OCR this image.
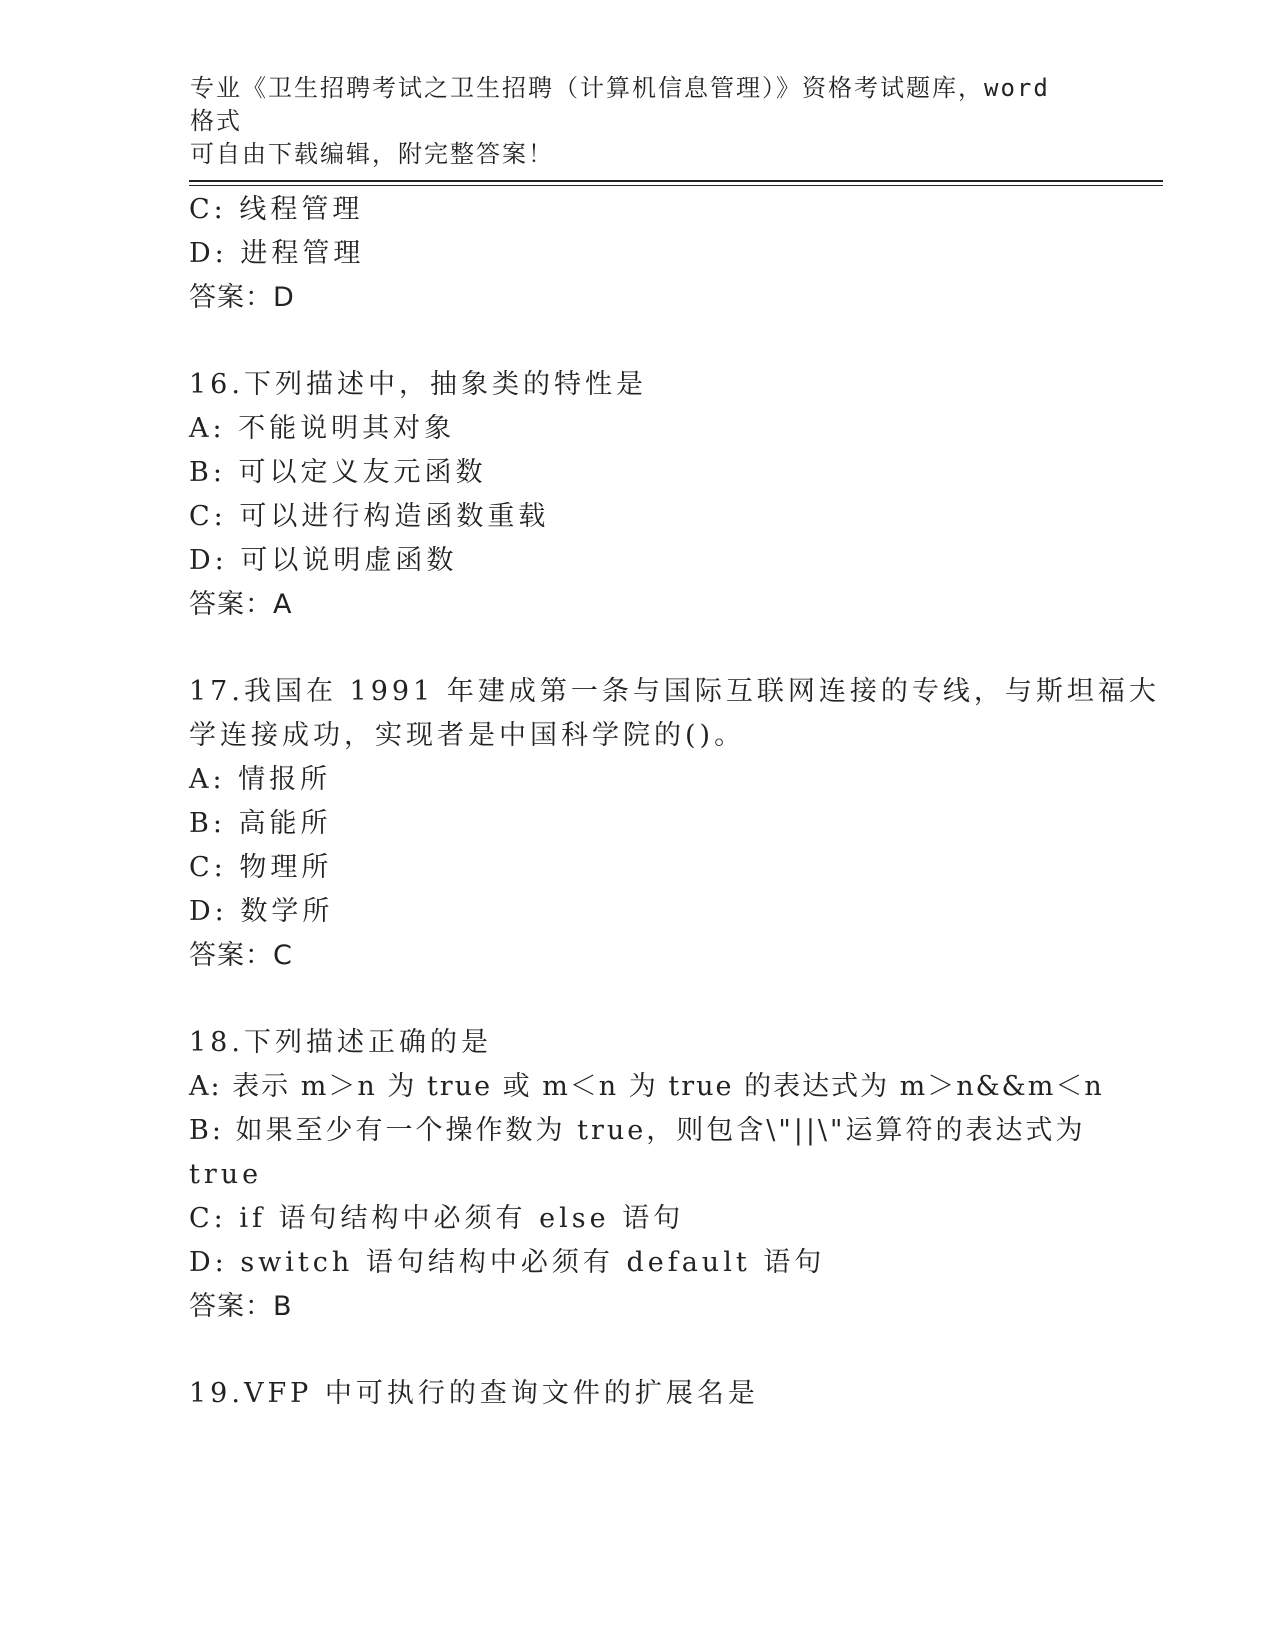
专业《卫生招聘考试之卫生招聘（计算机信息管理）》资格考试题库，word 格式
可自由下载编辑，附完整答案！
C: 线程管理
D: 进程管理
答案：D
16.下列描述中，抽象类的特性是
A: 不能说明其对象
B: 可以定义友元函数
C: 可以进行构造函数重载
D: 可以说明虚函数
答案：A
17.我国在 1991 年建成第一条与国际互联网连接的专线，与斯坦福大
学连接成功，实现者是中国科学院的()。
A: 情报所
B: 高能所
C: 物理所
D: 数学所
答案：C
18.下列描述正确的是
A: 表示 m＞n 为 true 或 m＜n 为 true 的表达式为 m＞n&&m＜n
B: 如果至少有一个操作数为 true，则包含\"||\"运算符的表达式为
true
C: if 语句结构中必须有 else 语句
D: switch 语句结构中必须有 default 语句
答案：B
19.VFP 中可执行的查询文件的扩展名是
